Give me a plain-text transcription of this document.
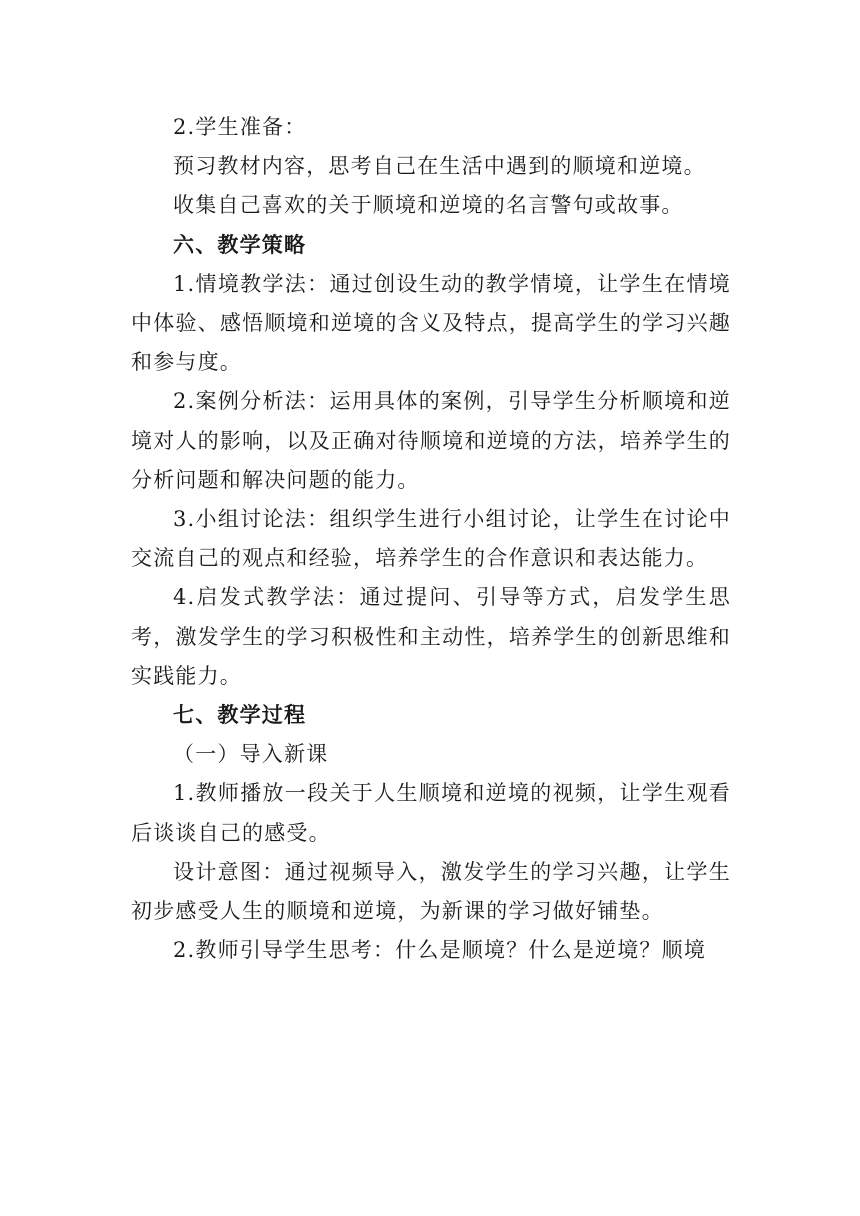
2.学生准备：

预习教材内容，思考自己在生活中遇到的顺境和逆境。

收集自己喜欢的关于顺境和逆境的名言警句或故事。

六、教学策略

1.情境教学法：通过创设生动的教学情境，让学生在情境中体验、感悟顺境和逆境的含义及特点，提高学生的学习兴趣和参与度。

2.案例分析法：运用具体的案例，引导学生分析顺境和逆境对人的影响，以及正确对待顺境和逆境的方法，培养学生的分析问题和解决问题的能力。

3.小组讨论法：组织学生进行小组讨论，让学生在讨论中交流自己的观点和经验，培养学生的合作意识和表达能力。

4.启发式教学法：通过提问、引导等方式，启发学生思考，激发学生的学习积极性和主动性，培养学生的创新思维和实践能力。

七、教学过程

（一）导入新课

1.教师播放一段关于人生顺境和逆境的视频，让学生观看后谈谈自己的感受。

设计意图：通过视频导入，激发学生的学习兴趣，让学生初步感受人生的顺境和逆境，为新课的学习做好铺垫。

2.教师引导学生思考：什么是顺境？什么是逆境？顺境
